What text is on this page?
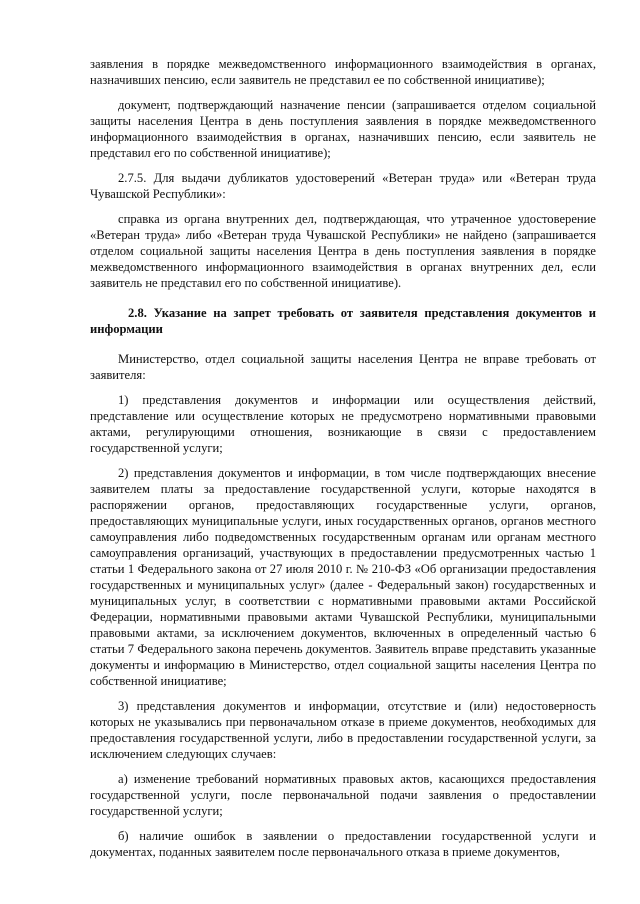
заявления в порядке межведомственного информационного взаимодействия в органах, назначивших пенсию, если заявитель не представил ее по собственной инициативе);

документ, подтверждающий назначение пенсии (запрашивается отделом социальной защиты населения Центра в день поступления заявления в порядке межведомственного информационного взаимодействия в органах, назначивших пенсию, если заявитель не представил его по собственной инициативе);

2.7.5. Для выдачи дубликатов удостоверений «Ветеран труда» или «Ветеран труда Чувашской Республики»:

справка из органа внутренних дел, подтверждающая, что утраченное удостоверение «Ветеран труда» либо «Ветеран труда Чувашской Республики» не найдено (запрашивается отделом социальной защиты населения Центра в день поступления заявления в порядке межведомственного информационного взаимодействия в органах внутренних дел, если заявитель не представил его по собственной инициативе).

2.8. Указание на запрет требовать от заявителя представления документов и информации

Министерство, отдел социальной защиты населения Центра не вправе требовать от заявителя:

1) представления документов и информации или осуществления действий, представление или осуществление которых не предусмотрено нормативными правовыми актами, регулирующими отношения, возникающие в связи с предоставлением государственной услуги;

2) представления документов и информации, в том числе подтверждающих внесение заявителем платы за предоставление государственной услуги, которые находятся в распоряжении органов, предоставляющих государственные услуги, органов, предоставляющих муниципальные услуги, иных государственных органов, органов местного самоуправления либо подведомственных государственным органам или органам местного самоуправления организаций, участвующих в предоставлении предусмотренных частью 1 статьи 1 Федерального закона от 27 июля 2010 г. № 210-ФЗ «Об организации предоставления государственных и муниципальных услуг» (далее - Федеральный закон) государственных и муниципальных услуг, в соответствии с нормативными правовыми актами Российской Федерации, нормативными правовыми актами Чувашской Республики, муниципальными правовыми актами, за исключением документов, включенных в определенный частью 6 статьи 7 Федерального закона перечень документов. Заявитель вправе представить указанные документы и информацию в Министерство, отдел социальной защиты населения Центра по собственной инициативе;

3) представления документов и информации, отсутствие и (или) недостоверность которых не указывались при первоначальном отказе в приеме документов, необходимых для предоставления государственной услуги, либо в предоставлении государственной услуги, за исключением следующих случаев:

а) изменение требований нормативных правовых актов, касающихся предоставления государственной услуги, после первоначальной подачи заявления о предоставлении государственной услуги;

б) наличие ошибок в заявлении о предоставлении государственной услуги и документах, поданных заявителем после первоначального отказа в приеме документов,
